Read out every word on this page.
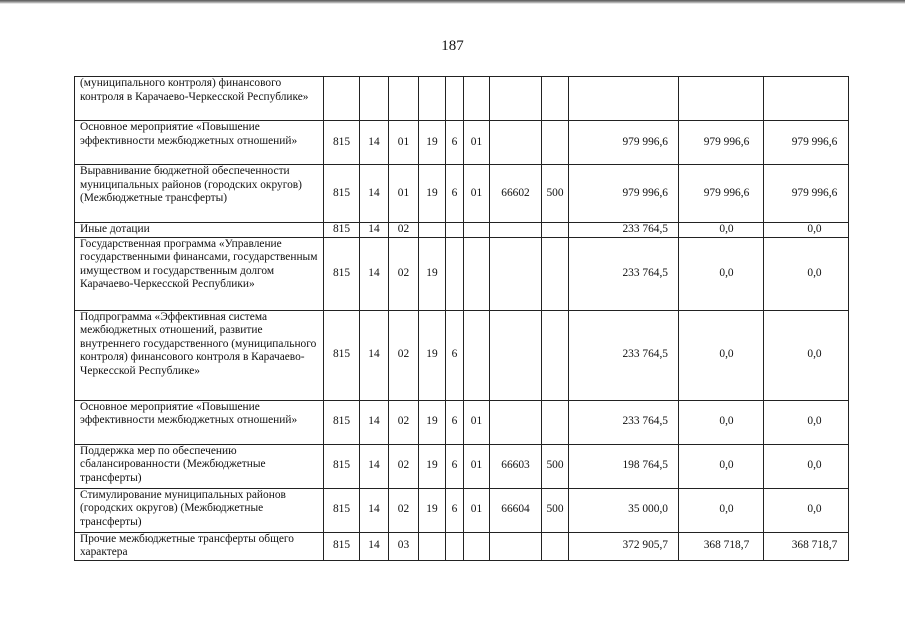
187
(муниципального контроля) финансового контроля в Карачаево-Черкесской Республике»											
Основное мероприятие «Повышение эффективности межбюджетных отношений»	815	14	01	19	6	01			979 996,6	979 996,6	979 996,6
Выравнивание бюджетной обеспеченности муниципальных районов (городских округов) (Межбюджетные трансферты)	815	14	01	19	6	01	66602	500	979 996,6	979 996,6	979 996,6
Иные дотации	815	14	02						233 764,5	0,0	0,0
Государственная программа «Управление государственными финансами, государственным имуществом и государственным долгом Карачаево-Черкесской Республики»	815	14	02	19					233 764,5	0,0	0,0
Подпрограмма «Эффективная система межбюджетных отношений, развитие внутреннего государственного (муниципального контроля) финансового контроля в Карачаево-Черкесской Республике»	815	14	02	19	6				233 764,5	0,0	0,0
Основное мероприятие «Повышение эффективности межбюджетных отношений»	815	14	02	19	6	01			233 764,5	0,0	0,0
Поддержка мер по обеспечению сбалансированности (Межбюджетные трансферты)	815	14	02	19	6	01	66603	500	198 764,5	0,0	0,0
Стимулирование муниципальных районов (городских округов) (Межбюджетные трансферты)	815	14	02	19	6	01	66604	500	35 000,0	0,0	0,0
Прочие межбюджетные трансферты общего характера	815	14	03						372 905,7	368 718,7	368 718,7
